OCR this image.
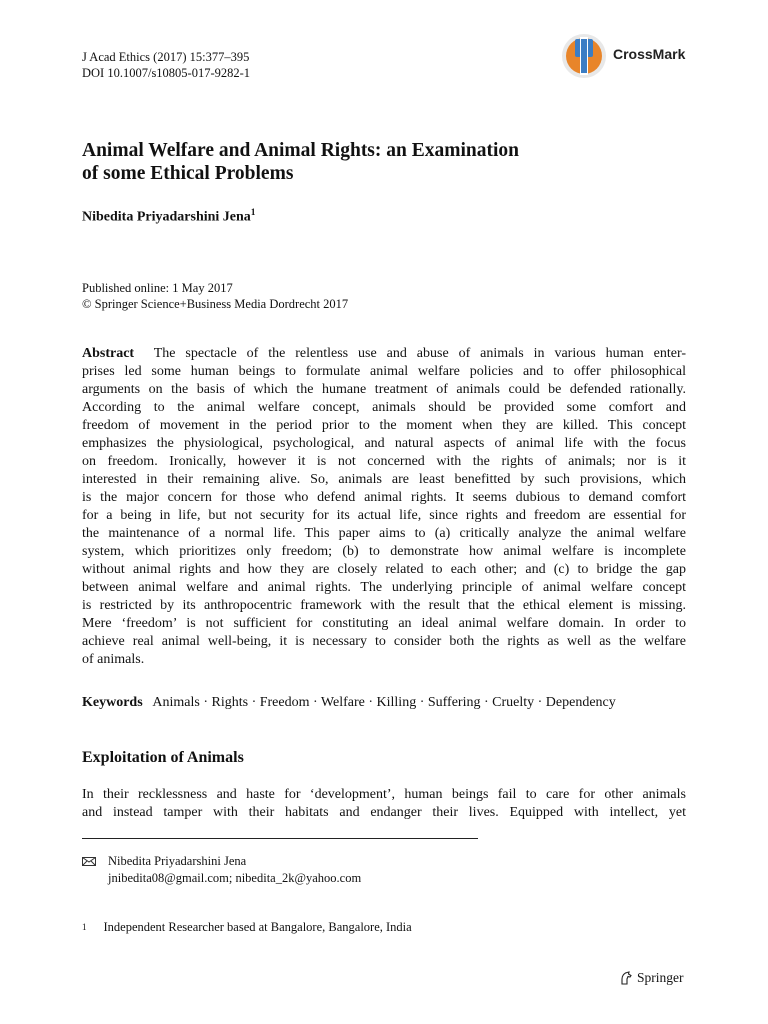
J Acad Ethics (2017) 15:377–395
DOI 10.1007/s10805-017-9282-1
CrossMark
Animal Welfare and Animal Rights: an Examination
of some Ethical Problems
Nibedita Priyadarshini Jena$^1$
Published online: 1 May 2017
© Springer Science+Business Media Dordrecht 2017
Abstract The spectacle of the relentless use and abuse of animals in various human enter-
prises led some human beings to formulate animal welfare policies and to offer philosophical
arguments on the basis of which the humane treatment of animals could be defended rationally.
According to the animal welfare concept, animals should be provided some comfort and
freedom of movement in the period prior to the moment when they are killed. This concept
emphasizes the physiological, psychological, and natural aspects of animal life with the focus
on freedom. Ironically, however it is not concerned with the rights of animals; nor is it
interested in their remaining alive. So, animals are least benefitted by such provisions, which
is the major concern for those who defend animal rights. It seems dubious to demand comfort
for a being in life, but not security for its actual life, since rights and freedom are essential for
the maintenance of a normal life. This paper aims to (a) critically analyze the animal welfare
system, which prioritizes only freedom; (b) to demonstrate how animal welfare is incomplete
without animal rights and how they are closely related to each other; and (c) to bridge the gap
between animal welfare and animal rights. The underlying principle of animal welfare concept
is restricted by its anthropocentric framework with the result that the ethical element is missing.
Mere ‘freedom’ is not sufficient for constituting an ideal animal welfare domain. In order to
achieve real animal well-being, it is necessary to consider both the rights as well as the welfare
of animals.
Keywords Animals · Rights · Freedom · Welfare · Killing · Suffering · Cruelty · Dependency
Exploitation of Animals
In their recklessness and haste for ‘development’, human beings fail to care for other animals
and instead tamper with their habitats and endanger their lives. Equipped with intellect, yet
Nibedita Priyadarshini Jena
jnibedita08@gmail.com; nibedita_2k@yahoo.com
$^1$ Independent Researcher based at Bangalore, Bangalore, India
Springer
